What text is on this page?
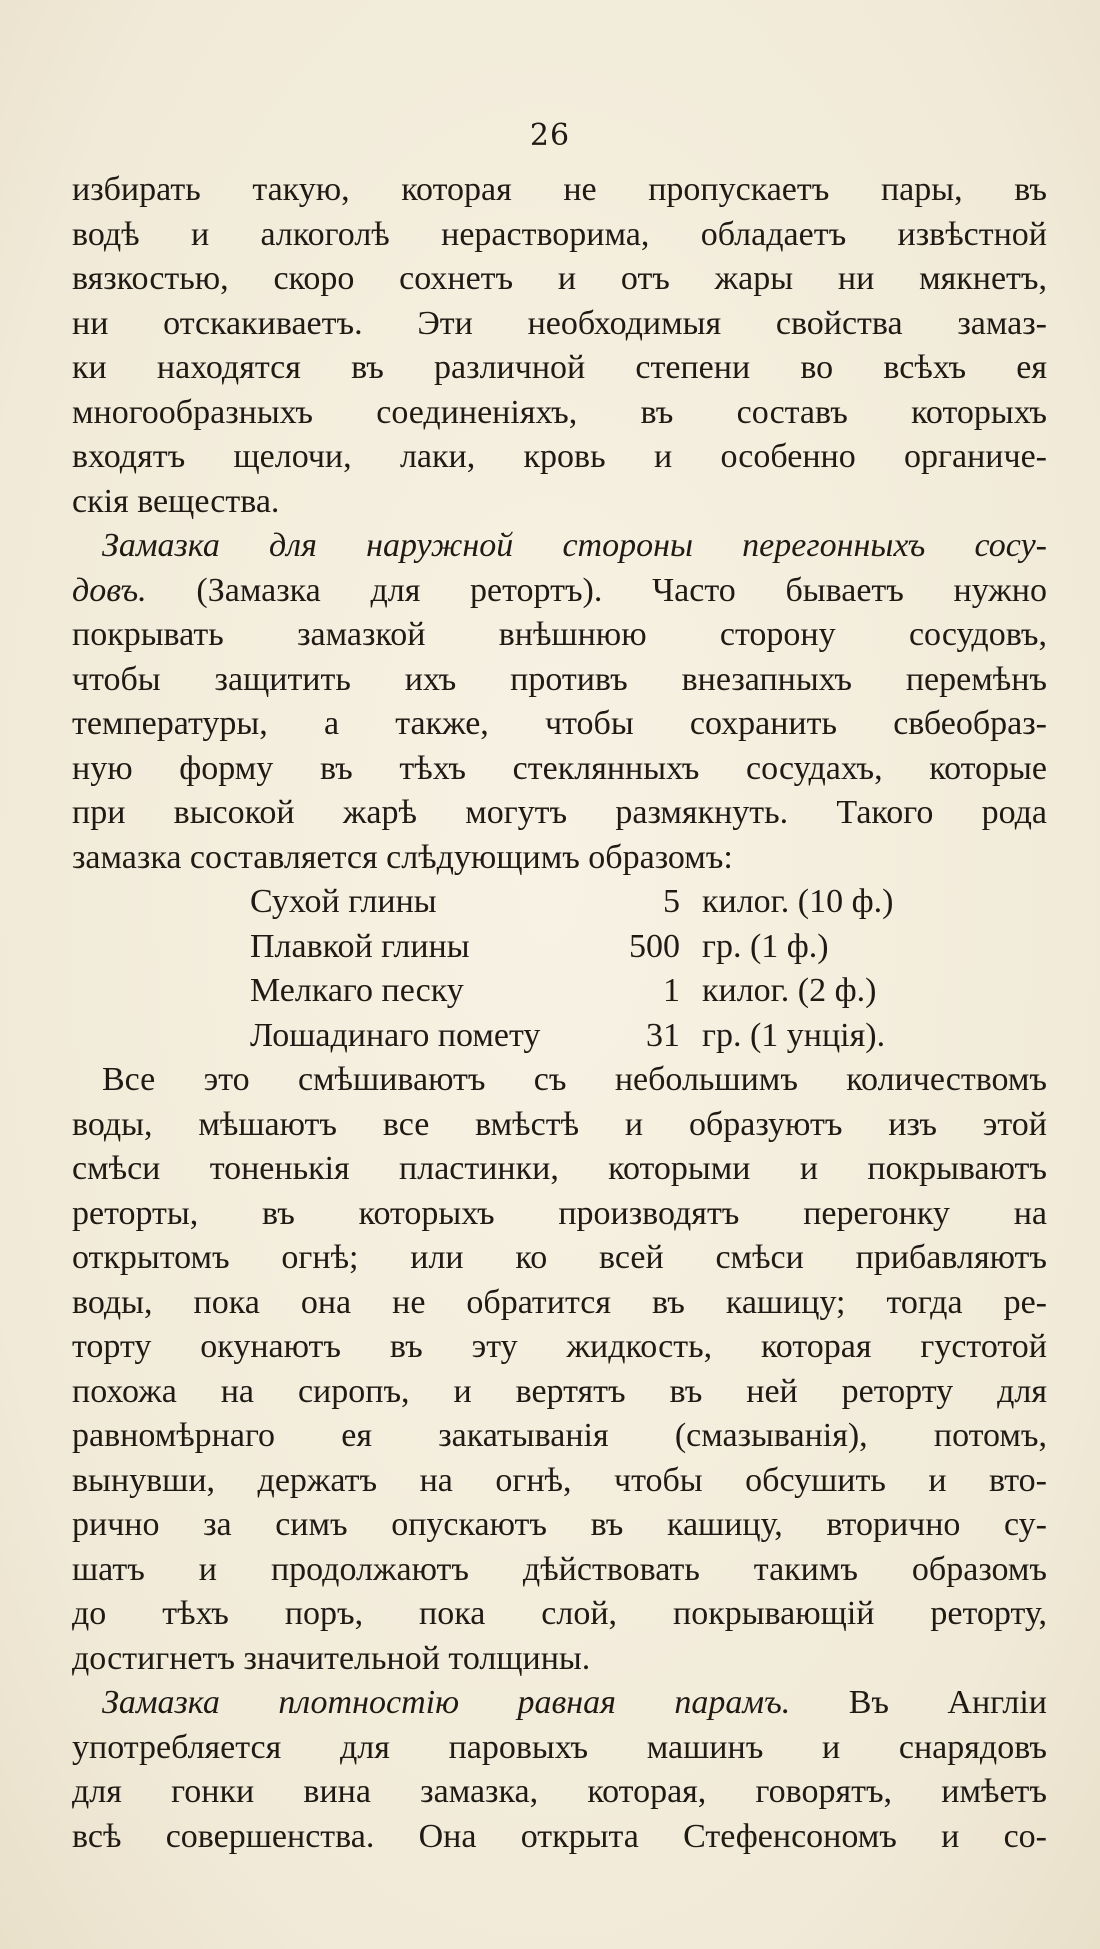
26
избирать такую, которая не пропускаетъ пары, въ
водѣ и алкоголѣ нерастворима, обладаетъ извѣстной
вязкостью, скоро сохнетъ и отъ жары ни мякнетъ,
ни отскакиваетъ. Эти необходимыя свойства замаз-
ки находятся въ различной степени во всѣхъ ея
многообразныхъ соединеніяхъ, въ составъ которыхъ
входятъ щелочи, лаки, кровь и особенно органиче-
скія вещества.
Замазка для наружной стороны перегонныхъ сосу-
довъ. (Замазка для ретортъ). Часто бываетъ нужно
покрывать замазкой внѣшнюю сторону сосудовъ,
чтобы защитить ихъ противъ внезапныхъ перемѣнъ
температуры, а также, чтобы сохранить свбеобраз-
ную форму въ тѣхъ стеклянныхъ сосудахъ, которые
при высокой жарѣ могутъ размякнуть. Такого рода
замазка составляется слѣдующимъ образомъ:
Сухой глины	5 килог. (10 ф.)
Плавкой глины	500 гр. (1 ф.)
Мелкаго песку	1 килог. (2 ф.)
Лошадинаго помету	31 гр. (1 унція).
Все это смѣшиваютъ съ небольшимъ количествомъ
воды, мѣшаютъ все вмѣстѣ и образуютъ изъ этой
смѣси тоненькія пластинки, которыми и покрываютъ
реторты, въ которыхъ производятъ перегонку на
открытомъ огнѣ; или ко всей смѣси прибавляютъ
воды, пока она не обратится въ кашицу; тогда ре-
торту окунаютъ въ эту жидкость, которая густотой
похожа на сиропъ, и вертятъ въ ней реторту для
равномѣрнаго ея закатыванія (смазыванія), потомъ,
вынувши, держатъ на огнѣ, чтобы обсушить и вто-
рично за симъ опускаютъ въ кашицу, вторично су-
шатъ и продолжаютъ дѣйствовать такимъ образомъ
до тѣхъ поръ, пока слой, покрывающій реторту,
достигнетъ значительной толщины.
Замазка плотностію равная парамъ. Въ Англіи
употребляется для паровыхъ машинъ и снарядовъ
для гонки вина замазка, которая, говорятъ, имѣетъ
всѣ совершенства. Она открыта Стефенсономъ и со-
